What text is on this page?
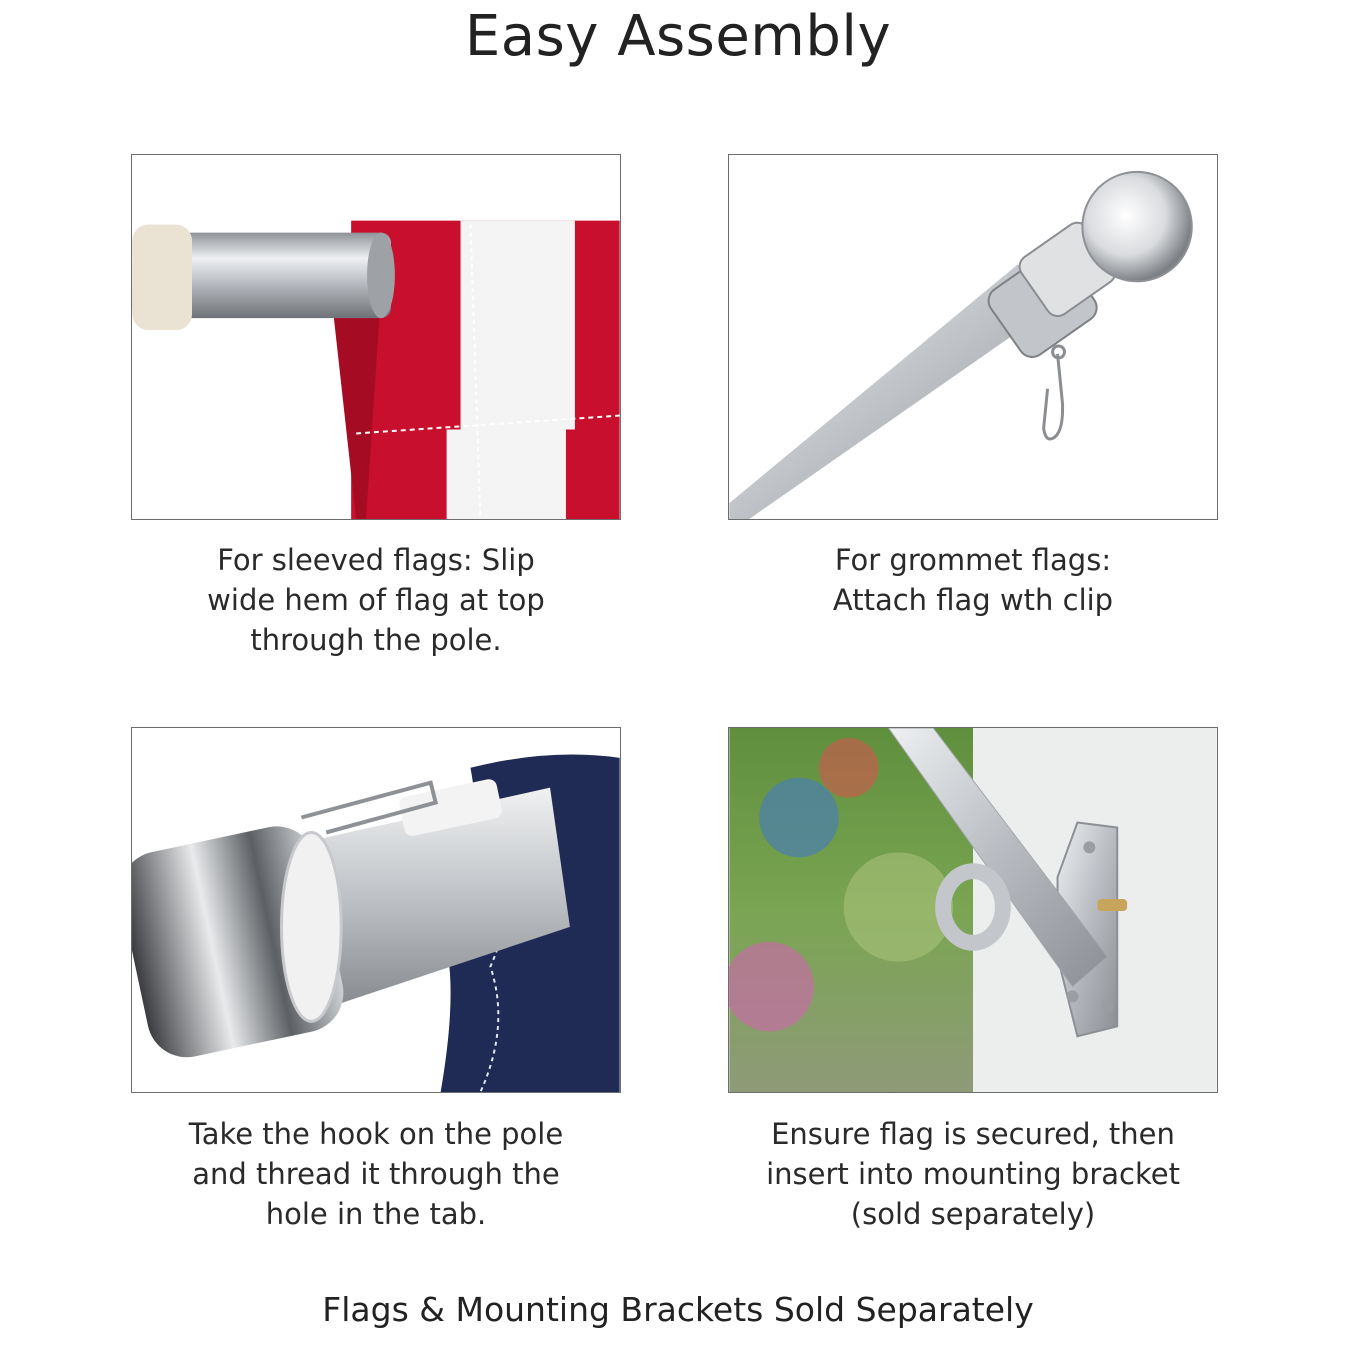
Easy Assembly
For sleeved flags: Slip
wide hem of flag at top
through the pole.
For grommet flags:
Attach flag wth clip
Take the hook on the pole
and thread it through the
hole in the tab.
Ensure flag is secured, then
insert into mounting bracket
(sold separately)
Flags & Mounting Brackets Sold Separately
